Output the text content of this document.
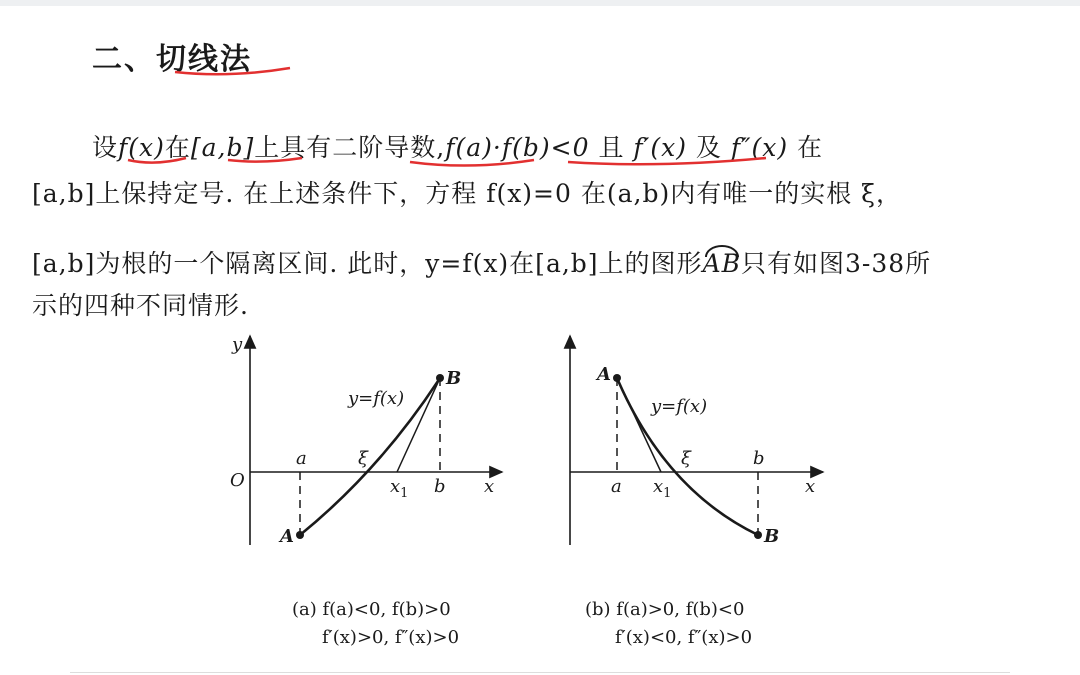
二、切线法
设f(x)在[a,b]上具有二阶导数,f(a)·f(b)<0 且 f′(x) 及 f″(x) 在
[a,b]上保持定号. 在上述条件下，方程 f(x)=0 在(a,b)内有唯一的实根 ξ，
[a,b]为根的一个隔离区间. 此时，y=f(x)在[a,b]上的图形AB只有如图3-38所
示的四种不同情形.
y
O	x
a
b
ξ
$x_1$
A
B
y=f(x)
x
a
b
ξ
$x_1$
A
B
y=f(x)
(a) f(a)<0, f(b)>0
f′(x)>0, f″(x)>0
(b) f(a)>0, f(b)<0
f′(x)<0, f″(x)>0
